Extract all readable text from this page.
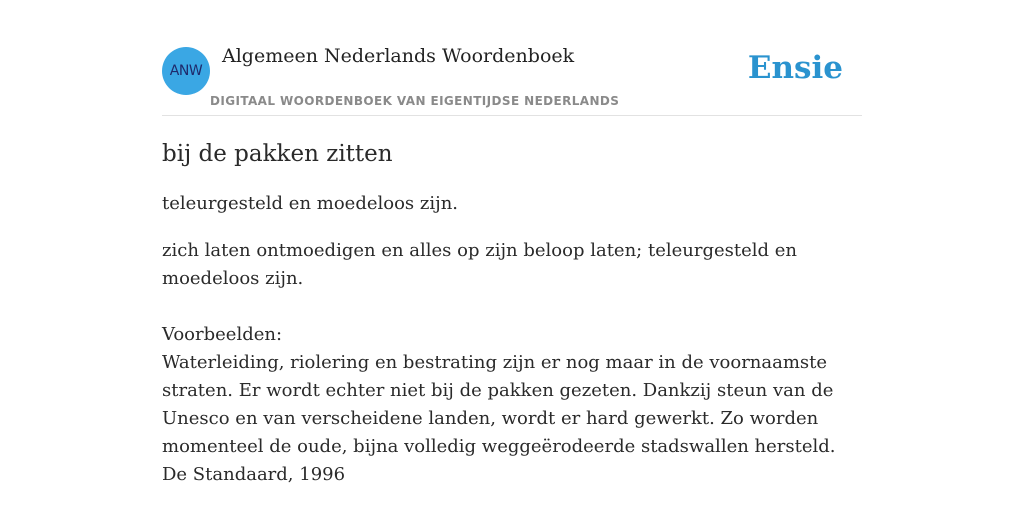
ANW
Algemeen Nederlands Woordenboek
DIGITAAL WOORDENBOEK VAN EIGENTIJDSE NEDERLANDS
Ensie
bij de pakken zitten

teleurgesteld en moedeloos zijn.

zich laten ontmoedigen en alles op zijn beloop laten; teleurgesteld en moedeloos zijn.

Voorbeelden:

Waterleiding, riolering en bestrating zijn er nog maar in de voornaamste straten. Er wordt echter niet bij de pakken gezeten. Dankzij steun van de Unesco en van verscheidene landen, wordt er hard gewerkt. Zo worden momenteel de oude, bijna volledig weggeërodeerde stadswallen hersteld.

De Standaard, 1996
